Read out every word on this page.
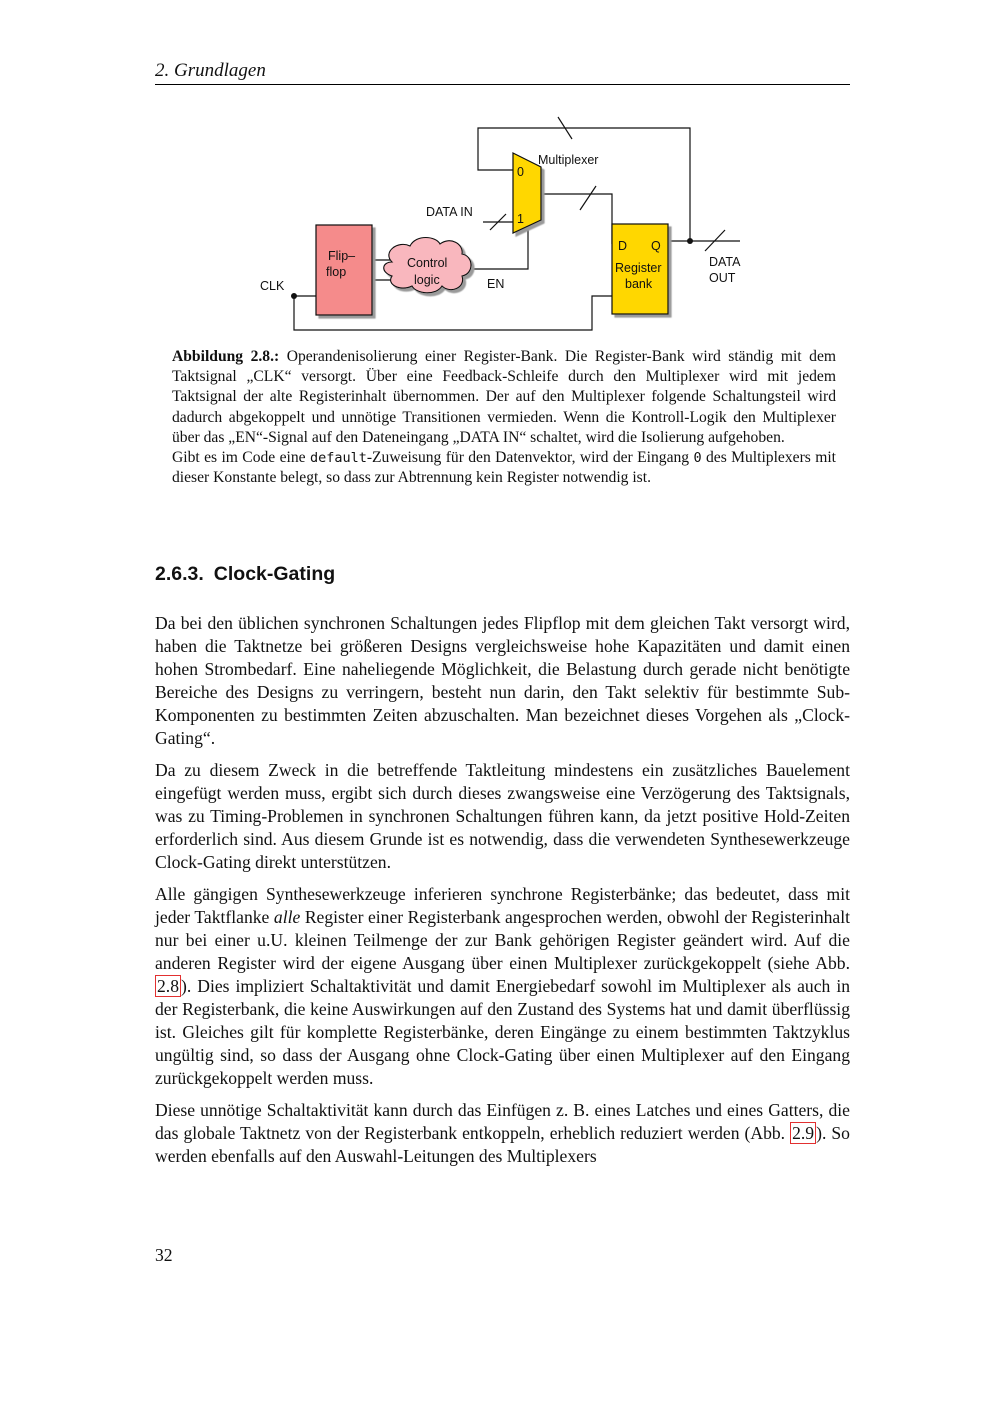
2. Grundlagen
Multiplexer
0
1
DATA IN
Flip–
flop
Control
logic	EN
CLK
D Q
Register
bank
DATA
OUT

Abbildung 2.8.: Operandenisolierung einer Register-Bank. Die Register-Bank wird ständig mit dem Taktsignal „CLK“ versorgt. Über eine Feedback-Schleife durch den Multiplexer wird mit jedem Taktsignal der alte Registerinhalt übernommen. Der auf den Multiplexer folgende Schaltungsteil wird dadurch abgekoppelt und unnötige Transitionen vermieden. Wenn die Kontroll-Logik den Multiplexer über das „EN“-Signal auf den Dateneingang „DATA IN“ schaltet, wird die Isolierung aufgehoben.

Gibt es im Code eine default-Zuweisung für den Datenvektor, wird der Eingang 0 des Multiplexers mit dieser Konstante belegt, so dass zur Abtrennung kein Register notwendig ist.

2.6.3. Clock-Gating

Da bei den üblichen synchronen Schaltungen jedes Flipflop mit dem gleichen Takt versorgt wird, haben die Taktnetze bei größeren Designs vergleichsweise hohe Kapazitäten und damit einen hohen Strombedarf. Eine naheliegende Möglichkeit, die Belastung durch gerade nicht benötigte Bereiche des Designs zu verringern, besteht nun darin, den Takt selektiv für bestimmte Sub-Komponenten zu bestimmten Zeiten abzuschalten. Man bezeichnet dieses Vorgehen als „Clock-Gating“.

Da zu diesem Zweck in die betreffende Taktleitung mindestens ein zusätzliches Bauelement eingefügt werden muss, ergibt sich durch dieses zwangsweise eine Verzögerung des Taktsignals, was zu Timing-Problemen in synchronen Schaltungen führen kann, da jetzt positive Hold-Zeiten erforderlich sind. Aus diesem Grunde ist es notwendig, dass die verwendeten Synthesewerkzeuge Clock-Gating direkt unterstützen.

Alle gängigen Synthesewerkzeuge inferieren synchrone Registerbänke; das bedeutet, dass mit jeder Taktflanke alle Register einer Registerbank angesprochen werden, obwohl der Registerinhalt nur bei einer u.U. kleinen Teilmenge der zur Bank gehörigen Register geändert wird. Auf die anderen Register wird der eigene Ausgang über einen Multiplexer zurückgekoppelt (siehe Abb. 2.8 ). Dies impliziert Schaltaktivität und damit Energiebedarf sowohl im Multiplexer als auch in der Registerbank, die keine Auswirkungen auf den Zustand des Systems hat und damit überflüssig ist. Gleiches gilt für komplette Registerbänke, deren Eingänge zu einem bestimmten Taktzyklus ungültig sind, so dass der Ausgang ohne Clock-Gating über einen Multiplexer auf den Eingang zurückgekoppelt werden muss.

Diese unnötige Schaltaktivität kann durch das Einfügen z. B. eines Latches und eines Gatters, die das globale Taktnetz von der Registerbank entkoppeln, erheblich reduziert werden (Abb. 2.9 ). So werden ebenfalls auf den Auswahl-Leitungen des Multiplexers

32
